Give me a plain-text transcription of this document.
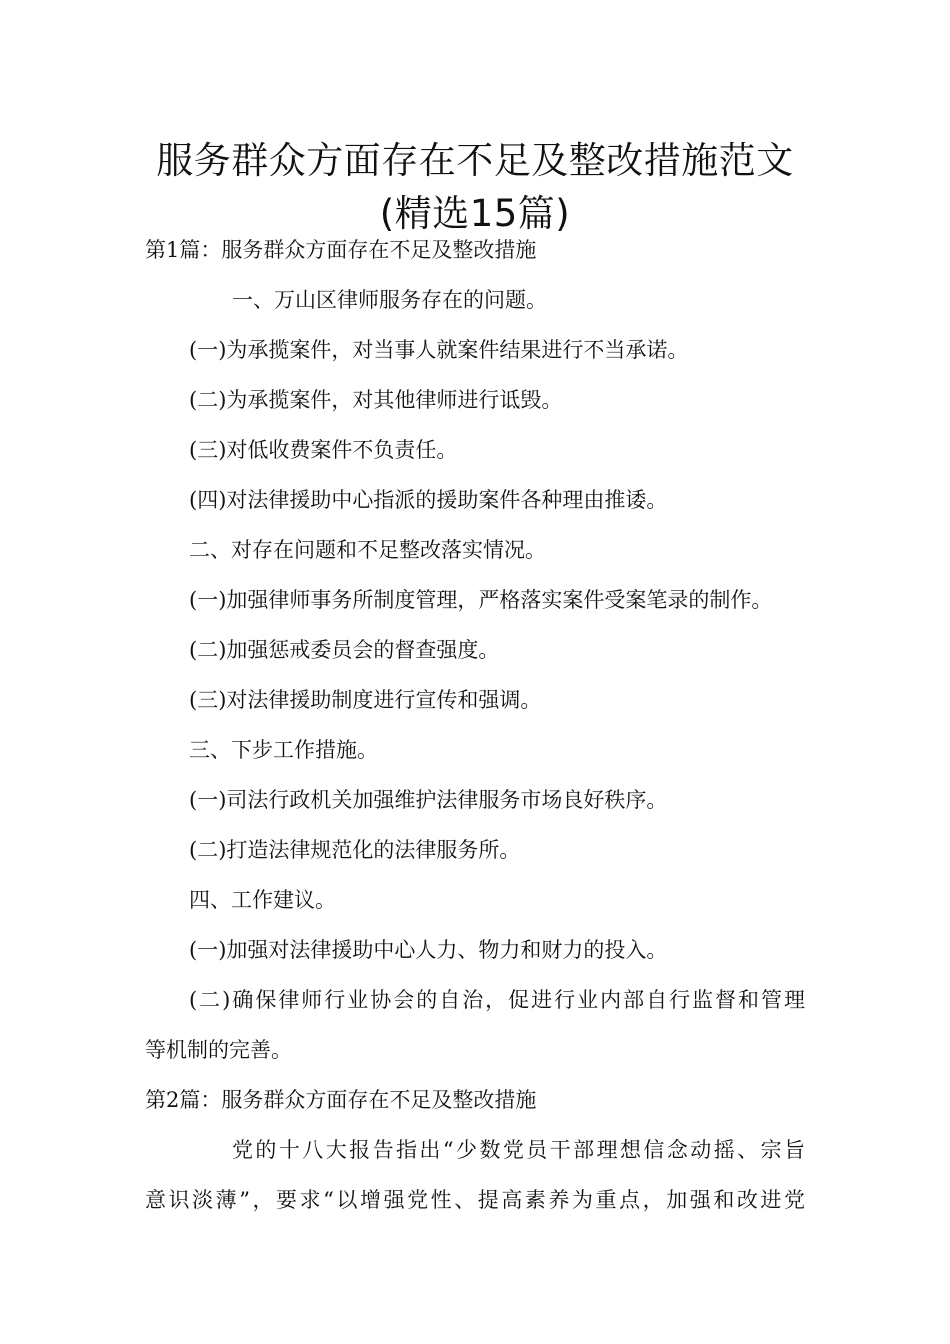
服务群众方面存在不足及整改措施范文
(精选15篇)
第1篇：服务群众方面存在不足及整改措施
一、万山区律师服务存在的问题。
(一)为承揽案件，对当事人就案件结果进行不当承诺。
(二)为承揽案件，对其他律师进行诋毁。
(三)对低收费案件不负责任。
(四)对法律援助中心指派的援助案件各种理由推诿。
二、对存在问题和不足整改落实情况。
(一)加强律师事务所制度管理，严格落实案件受案笔录的制作。
(二)加强惩戒委员会的督查强度。
(三)对法律援助制度进行宣传和强调。
三、下步工作措施。
(一)司法行政机关加强维护法律服务市场良好秩序。
(二)打造法律规范化的法律服务所。
四、工作建议。
(一)加强对法律援助中心人力、物力和财力的投入。
(二)确保律师行业协会的自治，促进行业内部自行监督和管理
等机制的完善。
第2篇：服务群众方面存在不足及整改措施
党的十八大报告指出“少数党员干部理想信念动摇、宗旨
意识淡薄”，要求“以增强党性、提高素养为重点，加强和改进党
